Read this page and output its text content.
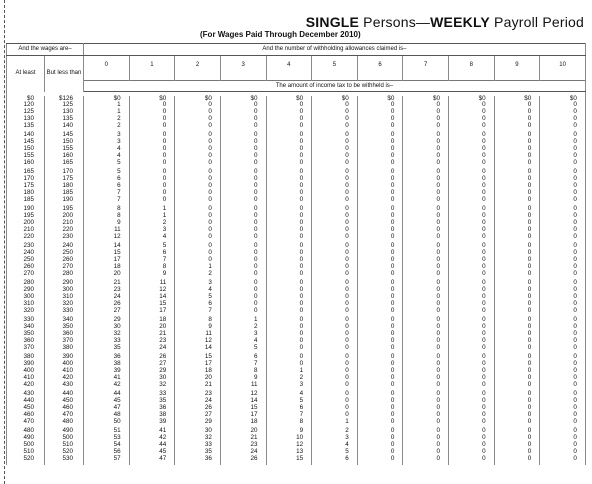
SINGLE Persons—WEEKLY Payroll Period
(For Wages Paid Through December 2010)
And the wages are–		And the number of withholding allowances claimed is–										
At least	But less than	0	1	2	3	4	5	6	7	8	9	10
		The amount of income tax to be withheld is–										

$0	$126	$0	$0	$0	$0	$0	$0	$0	$0	$0	$0	$0
120	125	1	0	0	0	0	0	0	0	0	0	0
125	130	1	0	0	0	0	0	0	0	0	0	0
130	135	2	0	0	0	0	0	0	0	0	0	0
135	140	2	0	0	0	0	0	0	0	0	0	0
140	145	3	0	0	0	0	0	0	0	0	0	0
145	150	3	0	0	0	0	0	0	0	0	0	0
150	155	4	0	0	0	0	0	0	0	0	0	0
155	160	4	0	0	0	0	0	0	0	0	0	0
160	165	5	0	0	0	0	0	0	0	0	0	0
165	170	5	0	0	0	0	0	0	0	0	0	0
170	175	6	0	0	0	0	0	0	0	0	0	0
175	180	6	0	0	0	0	0	0	0	0	0	0
180	185	7	0	0	0	0	0	0	0	0	0	0
185	190	7	0	0	0	0	0	0	0	0	0	0
190	195	8	1	0	0	0	0	0	0	0	0	0
195	200	8	1	0	0	0	0	0	0	0	0	0
200	210	9	2	0	0	0	0	0	0	0	0	0
210	220	11	3	0	0	0	0	0	0	0	0	0
220	230	12	4	0	0	0	0	0	0	0	0	0
230	240	14	5	0	0	0	0	0	0	0	0	0
240	250	15	6	0	0	0	0	0	0	0	0	0
250	260	17	7	0	0	0	0	0	0	0	0	0
260	270	18	8	1	0	0	0	0	0	0	0	0
270	280	20	9	2	0	0	0	0	0	0	0	0
280	290	21	11	3	0	0	0	0	0	0	0	0
290	300	23	12	4	0	0	0	0	0	0	0	0
300	310	24	14	5	0	0	0	0	0	0	0	0
310	320	26	15	6	0	0	0	0	0	0	0	0
320	330	27	17	7	0	0	0	0	0	0	0	0
330	340	29	18	8	1	0	0	0	0	0	0	0
340	350	30	20	9	2	0	0	0	0	0	0	0
350	360	32	21	11	3	0	0	0	0	0	0	0
360	370	33	23	12	4	0	0	0	0	0	0	0
370	380	35	24	14	5	0	0	0	0	0	0	0
380	390	36	26	15	6	0	0	0	0	0	0	0
390	400	38	27	17	7	0	0	0	0	0	0	0
400	410	39	29	18	8	1	0	0	0	0	0	0
410	420	41	30	20	9	2	0	0	0	0	0	0
420	430	42	32	21	11	3	0	0	0	0	0	0
430	440	44	33	23	12	4	0	0	0	0	0	0
440	450	45	35	24	14	5	0	0	0	0	0	0
450	460	47	36	26	15	6	0	0	0	0	0	0
460	470	48	38	27	17	7	0	0	0	0	0	0
470	480	50	39	29	18	8	1	0	0	0	0	0
480	490	51	41	30	20	9	2	0	0	0	0	0
490	500	53	42	32	21	10	3	0	0	0	0	0
500	510	54	44	33	23	12	4	0	0	0	0	0
510	520	56	45	35	24	13	5	0	0	0	0	0
520	530	57	47	36	26	15	6	0	0	0	0	0
